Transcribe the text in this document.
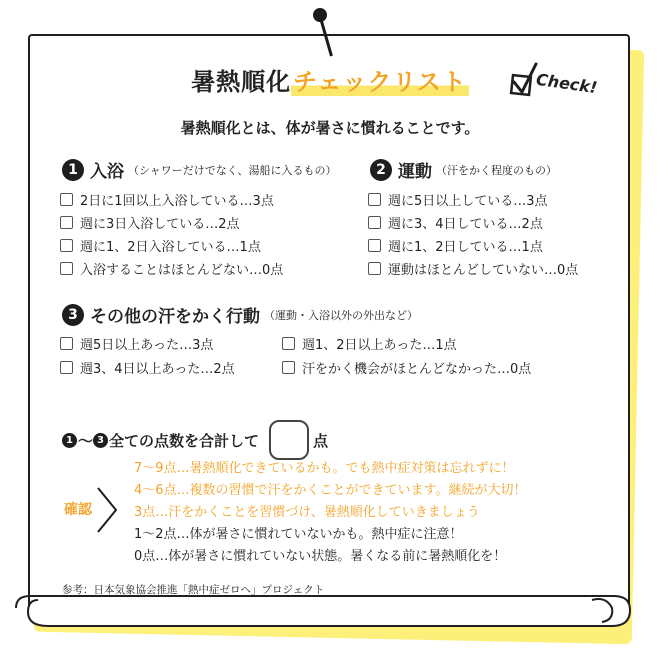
暑熱順化チェックリスト	Check!
暑熱順化とは、体が暑さに慣れることです。
1 入浴 （シャワーだけでなく、湯船に入るもの）
2日に1回以上入浴している…3点
週に3日入浴している…2点
週に1、2日入浴している…1点
入浴することはほとんどない…0点
2 運動 （汗をかく程度のもの）
週に5日以上している…3点
週に3、4日している…2点
週に1、2日している…1点
運動はほとんどしていない…0点
3 その他の汗をかく行動 （運動・入浴以外の外出など）
週5日以上あった…3点
週3、4日以上あった…2点
週1、2日以上あった…1点
汗をかく機会がほとんどなかった…0点
1 〜 3 全ての点数を合計して	点
確認
7〜9点…暑熱順化できているかも。でも熱中症対策は忘れずに！
4〜6点…複数の習慣で汗をかくことができています。継続が大切！
3点…汗をかくことを習慣づけ、暑熱順化していきましょう
1〜2点…体が暑さに慣れていないかも。熱中症に注意！
0点…体が暑さに慣れていない状態。暑くなる前に暑熱順化を！
参考：日本気象協会推進「熱中症ゼロへ」プロジェクト
